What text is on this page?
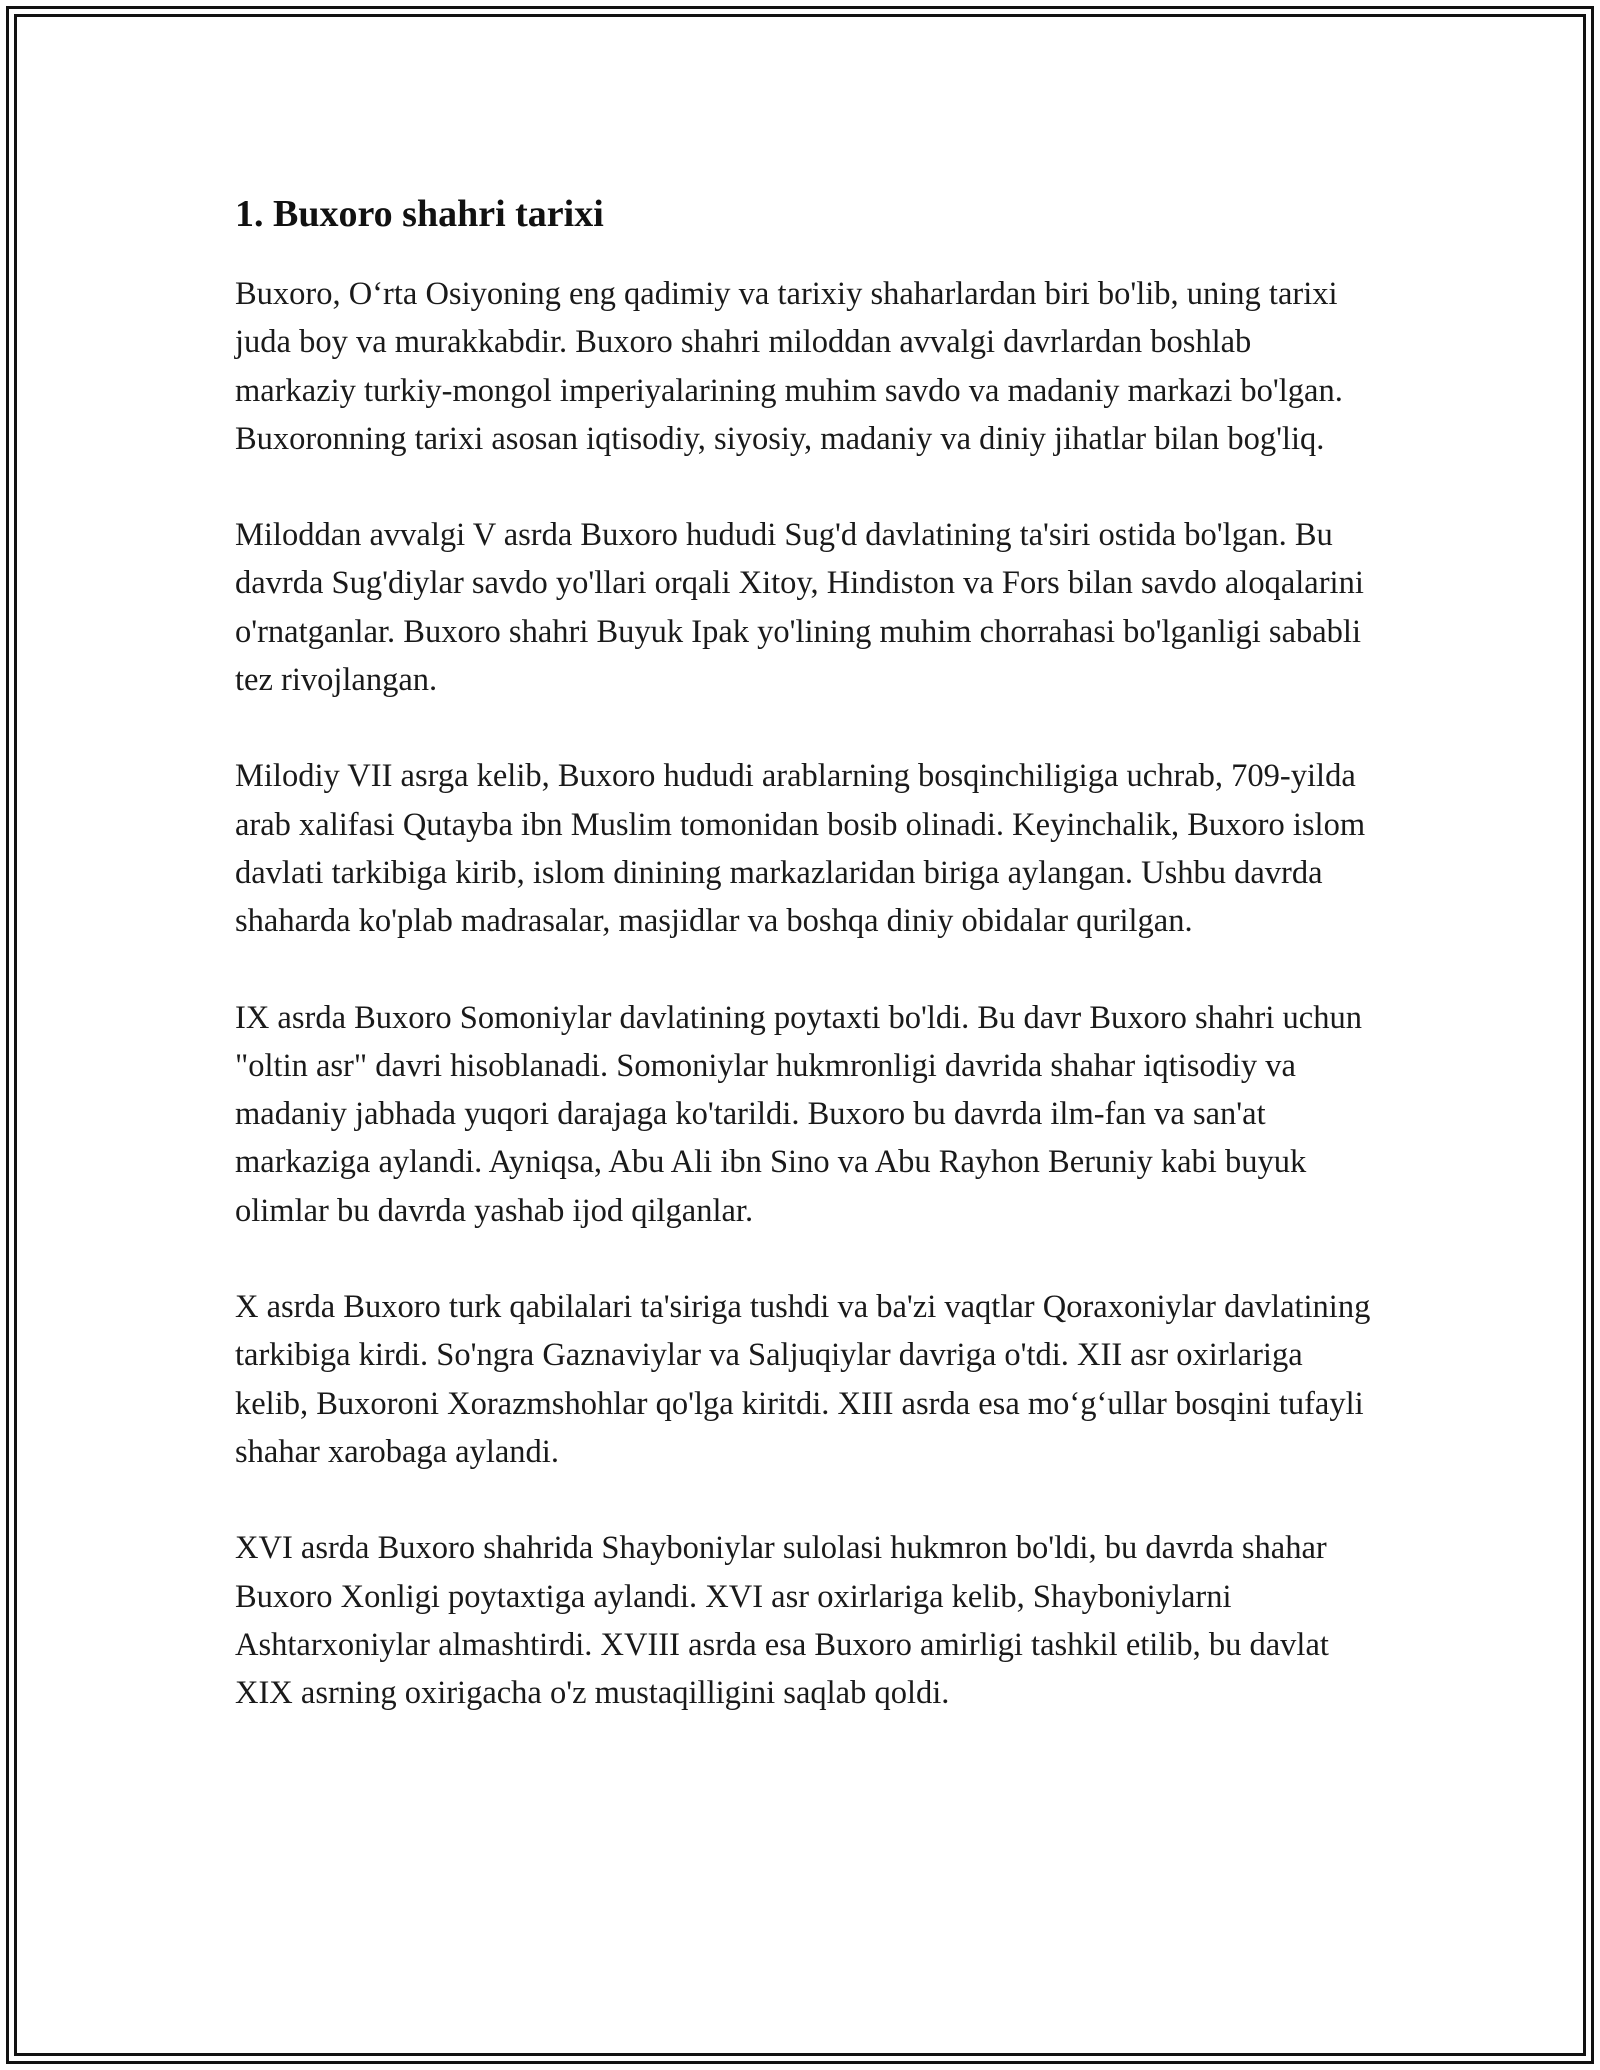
1. Buxoro shahri tarixi

Buxoro, O‘rta Osiyoning eng qadimiy va tarixiy shaharlardan biri bo'lib, uning tarixi juda boy va murakkabdir. Buxoro shahri miloddan avvalgi davrlardan boshlab markaziy turkiy-mongol imperiyalarining muhim savdo va madaniy markazi bo'lgan. Buxoronning tarixi asosan iqtisodiy, siyosiy, madaniy va diniy jihatlar bilan bog'liq.

Miloddan avvalgi V asrda Buxoro hududi Sug'd davlatining ta'siri ostida bo'lgan. Bu davrda Sug'diylar savdo yo'llari orqali Xitoy, Hindiston va Fors bilan savdo aloqalarini o'rnatganlar. Buxoro shahri Buyuk Ipak yo'lining muhim chorrahasi bo'lganligi sababli tez rivojlangan.

Milodiy VII asrga kelib, Buxoro hududi arablarning bosqinchiligiga uchrab, 709-yilda arab xalifasi Qutayba ibn Muslim tomonidan bosib olinadi. Keyinchalik, Buxoro islom davlati tarkibiga kirib, islom dinining markazlaridan biriga aylangan. Ushbu davrda shaharda ko'plab madrasalar, masjidlar va boshqa diniy obidalar qurilgan.

IX asrda Buxoro Somoniylar davlatining poytaxti bo'ldi. Bu davr Buxoro shahri uchun "oltin asr" davri hisoblanadi. Somoniylar hukmronligi davrida shahar iqtisodiy va madaniy jabhada yuqori darajaga ko'tarildi. Buxoro bu davrda ilm-fan va san'at markaziga aylandi. Ayniqsa, Abu Ali ibn Sino va Abu Rayhon Beruniy kabi buyuk olimlar bu davrda yashab ijod qilganlar.

X asrda Buxoro turk qabilalari ta'siriga tushdi va ba'zi vaqtlar Qoraxoniylar davlatining tarkibiga kirdi. So'ngra Gaznaviylar va Saljuqiylar davriga o'tdi. XII asr oxirlariga kelib, Buxoroni Xorazmshohlar qo'lga kiritdi. XIII asrda esa mo‘g‘ullar bosqini tufayli shahar xarobaga aylandi.

XVI asrda Buxoro shahrida Shayboniylar sulolasi hukmron bo'ldi, bu davrda shahar Buxoro Xonligi poytaxtiga aylandi. XVI asr oxirlariga kelib, Shayboniylarni Ashtarxoniylar almashtirdi. XVIII asrda esa Buxoro amirligi tashkil etilib, bu davlat XIX asrning oxirigacha o'z mustaqilligini saqlab qoldi.
